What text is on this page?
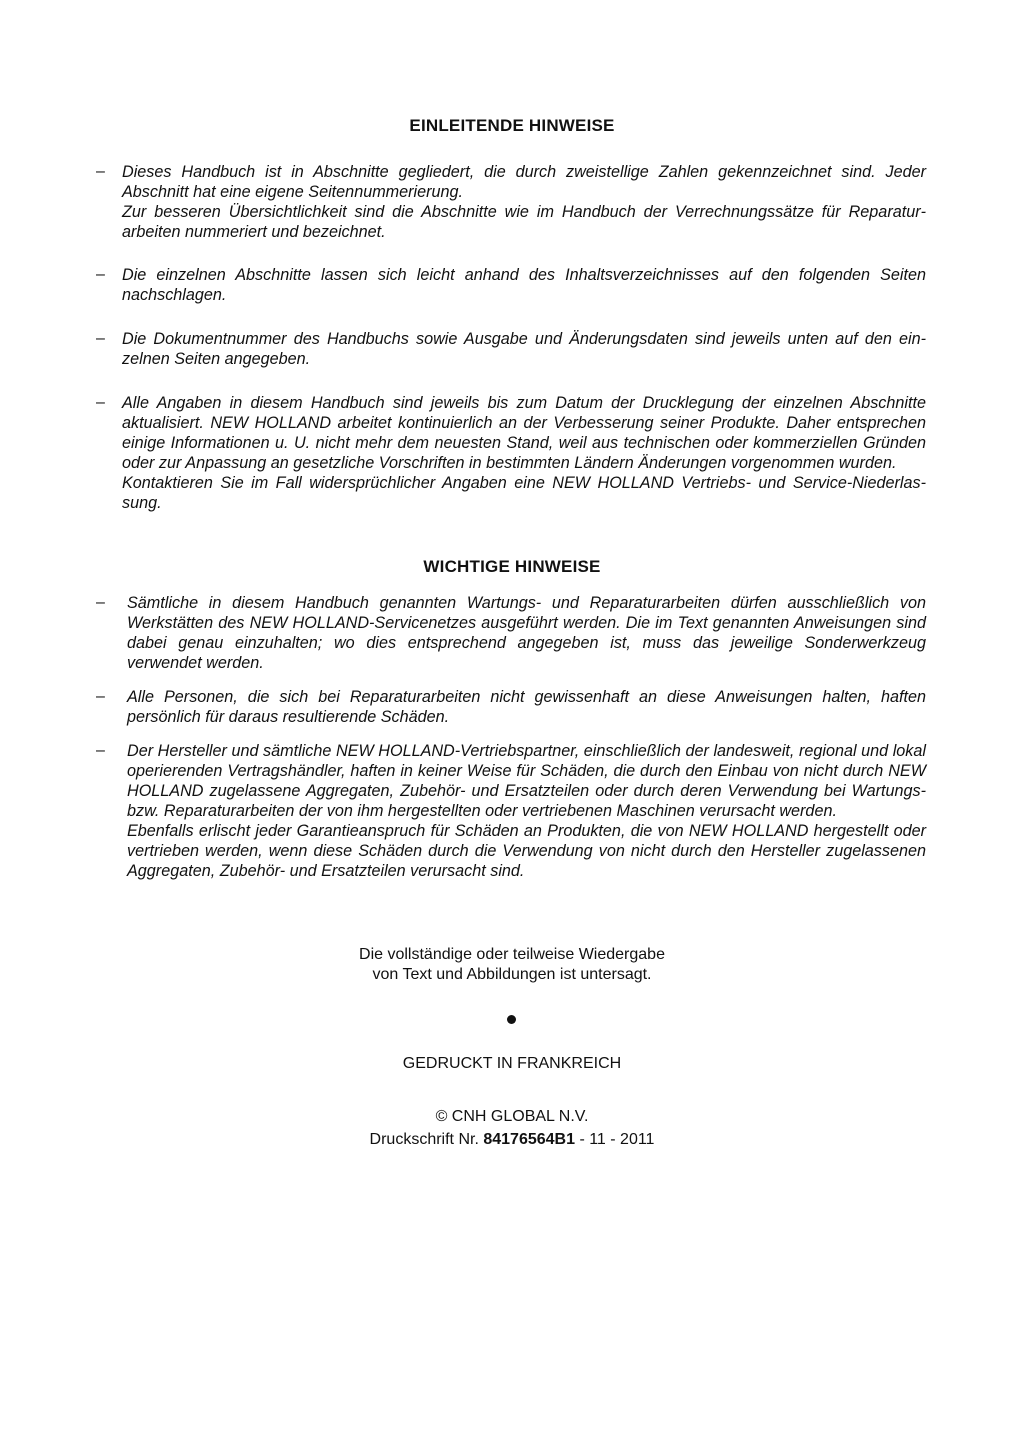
EINLEITENDE HINWEISE
–	Dieses Handbuch ist in Abschnitte gegliedert, die durch zweistellige Zahlen gekennzeichnet sind. Jeder Abschnitt hat eine eigene Seitennummerierung.

Zur besseren Übersichtlichkeit sind die Abschnitte wie im Handbuch der Verrechnungssätze für Reparaturarbeiten nummeriert und bezeichnet.

–	Die einzelnen Abschnitte lassen sich leicht anhand des Inhaltsverzeichnisses auf den folgenden Seiten nachschlagen.

–	Die Dokumentnummer des Handbuchs sowie Ausgabe und Änderungsdaten sind jeweils unten auf den einzelnen Seiten angegeben.

–	Alle Angaben in diesem Handbuch sind jeweils bis zum Datum der Drucklegung der einzelnen Abschnitte aktualisiert. NEW HOLLAND arbeitet kontinuierlich an der Verbesserung seiner Produkte. Daher entsprechen einige Informationen u. U. nicht mehr dem neuesten Stand, weil aus technischen oder kommerziellen Gründen oder zur Anpassung an gesetzliche Vorschriften in bestimmten Ländern Änderungen vorgenommen wurden.

Kontaktieren Sie im Fall widersprüchlicher Angaben eine NEW HOLLAND Vertriebs- und Service-Niederlassung.

WICHTIGE HINWEISE
–	Sämtliche in diesem Handbuch genannten Wartungs- und Reparaturarbeiten dürfen ausschließlich von Werkstätten des NEW HOLLAND-Servicenetzes ausgeführt werden. Die im Text genannten Anweisungen sind dabei genau einzuhalten; wo dies entsprechend angegeben ist, muss das jeweilige Sonderwerkzeug verwendet werden.

–	Alle Personen, die sich bei Reparaturarbeiten nicht gewissenhaft an diese Anweisungen halten, haften persönlich für daraus resultierende Schäden.

–	Der Hersteller und sämtliche NEW HOLLAND-Vertriebspartner, einschließlich der landesweit, regional und lokal operierenden Vertragshändler, haften in keiner Weise für Schäden, die durch den Einbau von nicht durch NEW HOLLAND zugelassene Aggregaten, Zubehör- und Ersatzteilen oder durch deren Verwendung bei Wartungs- bzw. Reparaturarbeiten der von ihm hergestellten oder vertriebenen Maschinen verursacht werden.

Ebenfalls erlischt jeder Garantieanspruch für Schäden an Produkten, die von NEW HOLLAND hergestellt oder vertrieben werden, wenn diese Schäden durch die Verwendung von nicht durch den Hersteller zugelassenen Aggregaten, Zubehör- und Ersatzteilen verursacht sind.

Die vollständige oder teilweise Wiedergabe
von Text und Abbildungen ist untersagt.
GEDRUCKT IN FRANKREICH
© CNH GLOBAL N.V.
Druckschrift Nr. 84176564B1 - 11 - 2011
